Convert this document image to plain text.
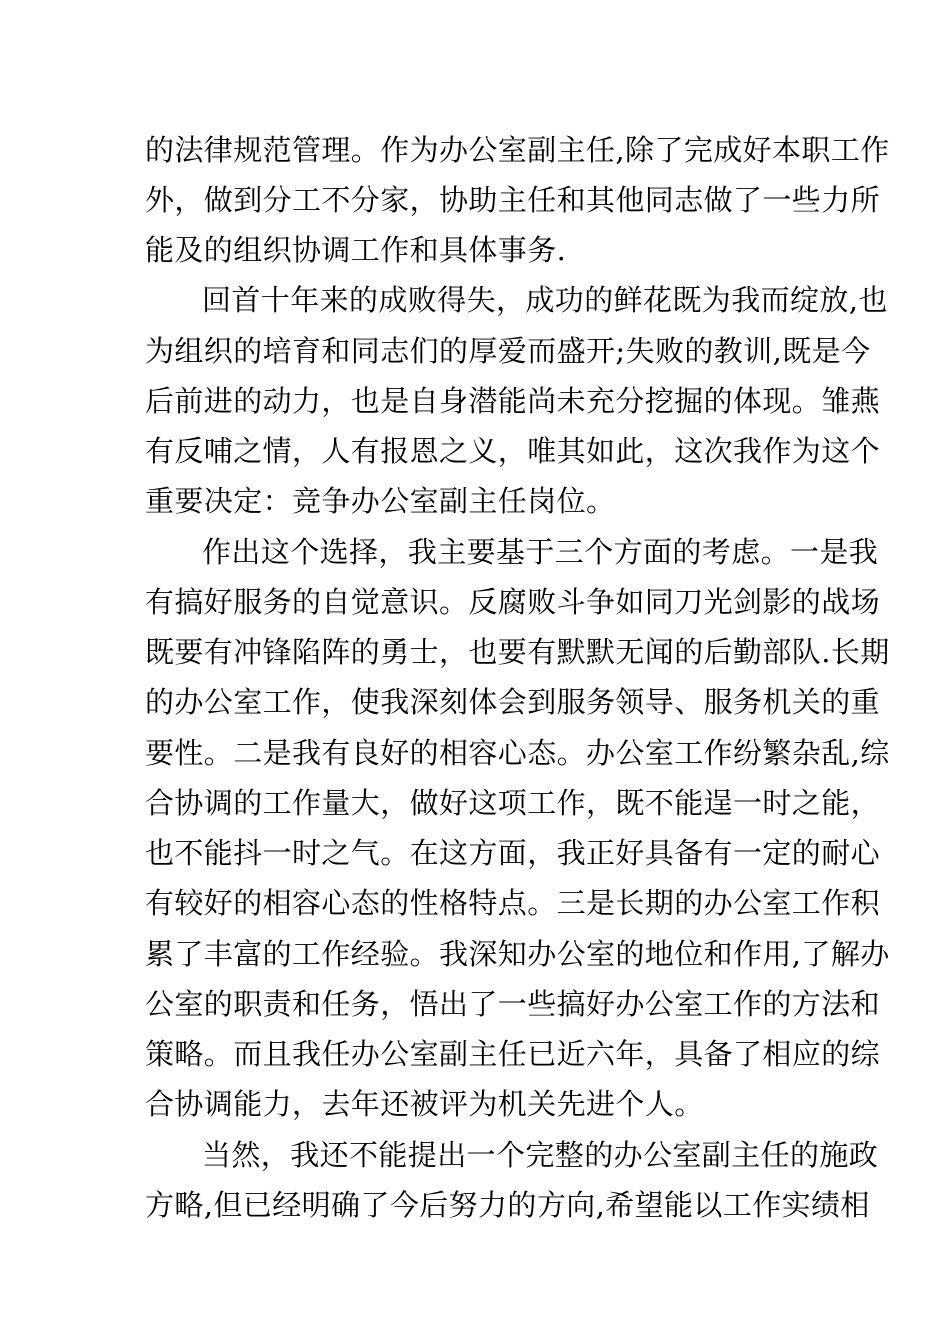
的法律规范管理。作为办公室副主任,除了完成好本职工作
外，做到分工不分家，协助主任和其他同志做了一些力所
能及的组织协调工作和具体事务.
回首十年来的成败得失，成功的鲜花既为我而绽放,也
为组织的培育和同志们的厚爱而盛开;失败的教训,既是今
后前进的动力，也是自身潜能尚未充分挖掘的体现。雏燕
有反哺之情，人有报恩之义，唯其如此，这次我作为这个
重要决定：竞争办公室副主任岗位。
作出这个选择，我主要基于三个方面的考虑。一是我
有搞好服务的自觉意识。反腐败斗争如同刀光剑影的战场
既要有冲锋陷阵的勇士，也要有默默无闻的后勤部队.长期
的办公室工作，使我深刻体会到服务领导、服务机关的重
要性。二是我有良好的相容心态。办公室工作纷繁杂乱,综
合协调的工作量大，做好这项工作，既不能逞一时之能，
也不能抖一时之气。在这方面，我正好具备有一定的耐心
有较好的相容心态的性格特点。三是长期的办公室工作积
累了丰富的工作经验。我深知办公室的地位和作用,了解办
公室的职责和任务，悟出了一些搞好办公室工作的方法和
策略。而且我任办公室副主任已近六年，具备了相应的综
合协调能力，去年还被评为机关先进个人。
当然，我还不能提出一个完整的办公室副主任的施政
方略,但已经明确了今后努力的方向,希望能以工作实绩相
